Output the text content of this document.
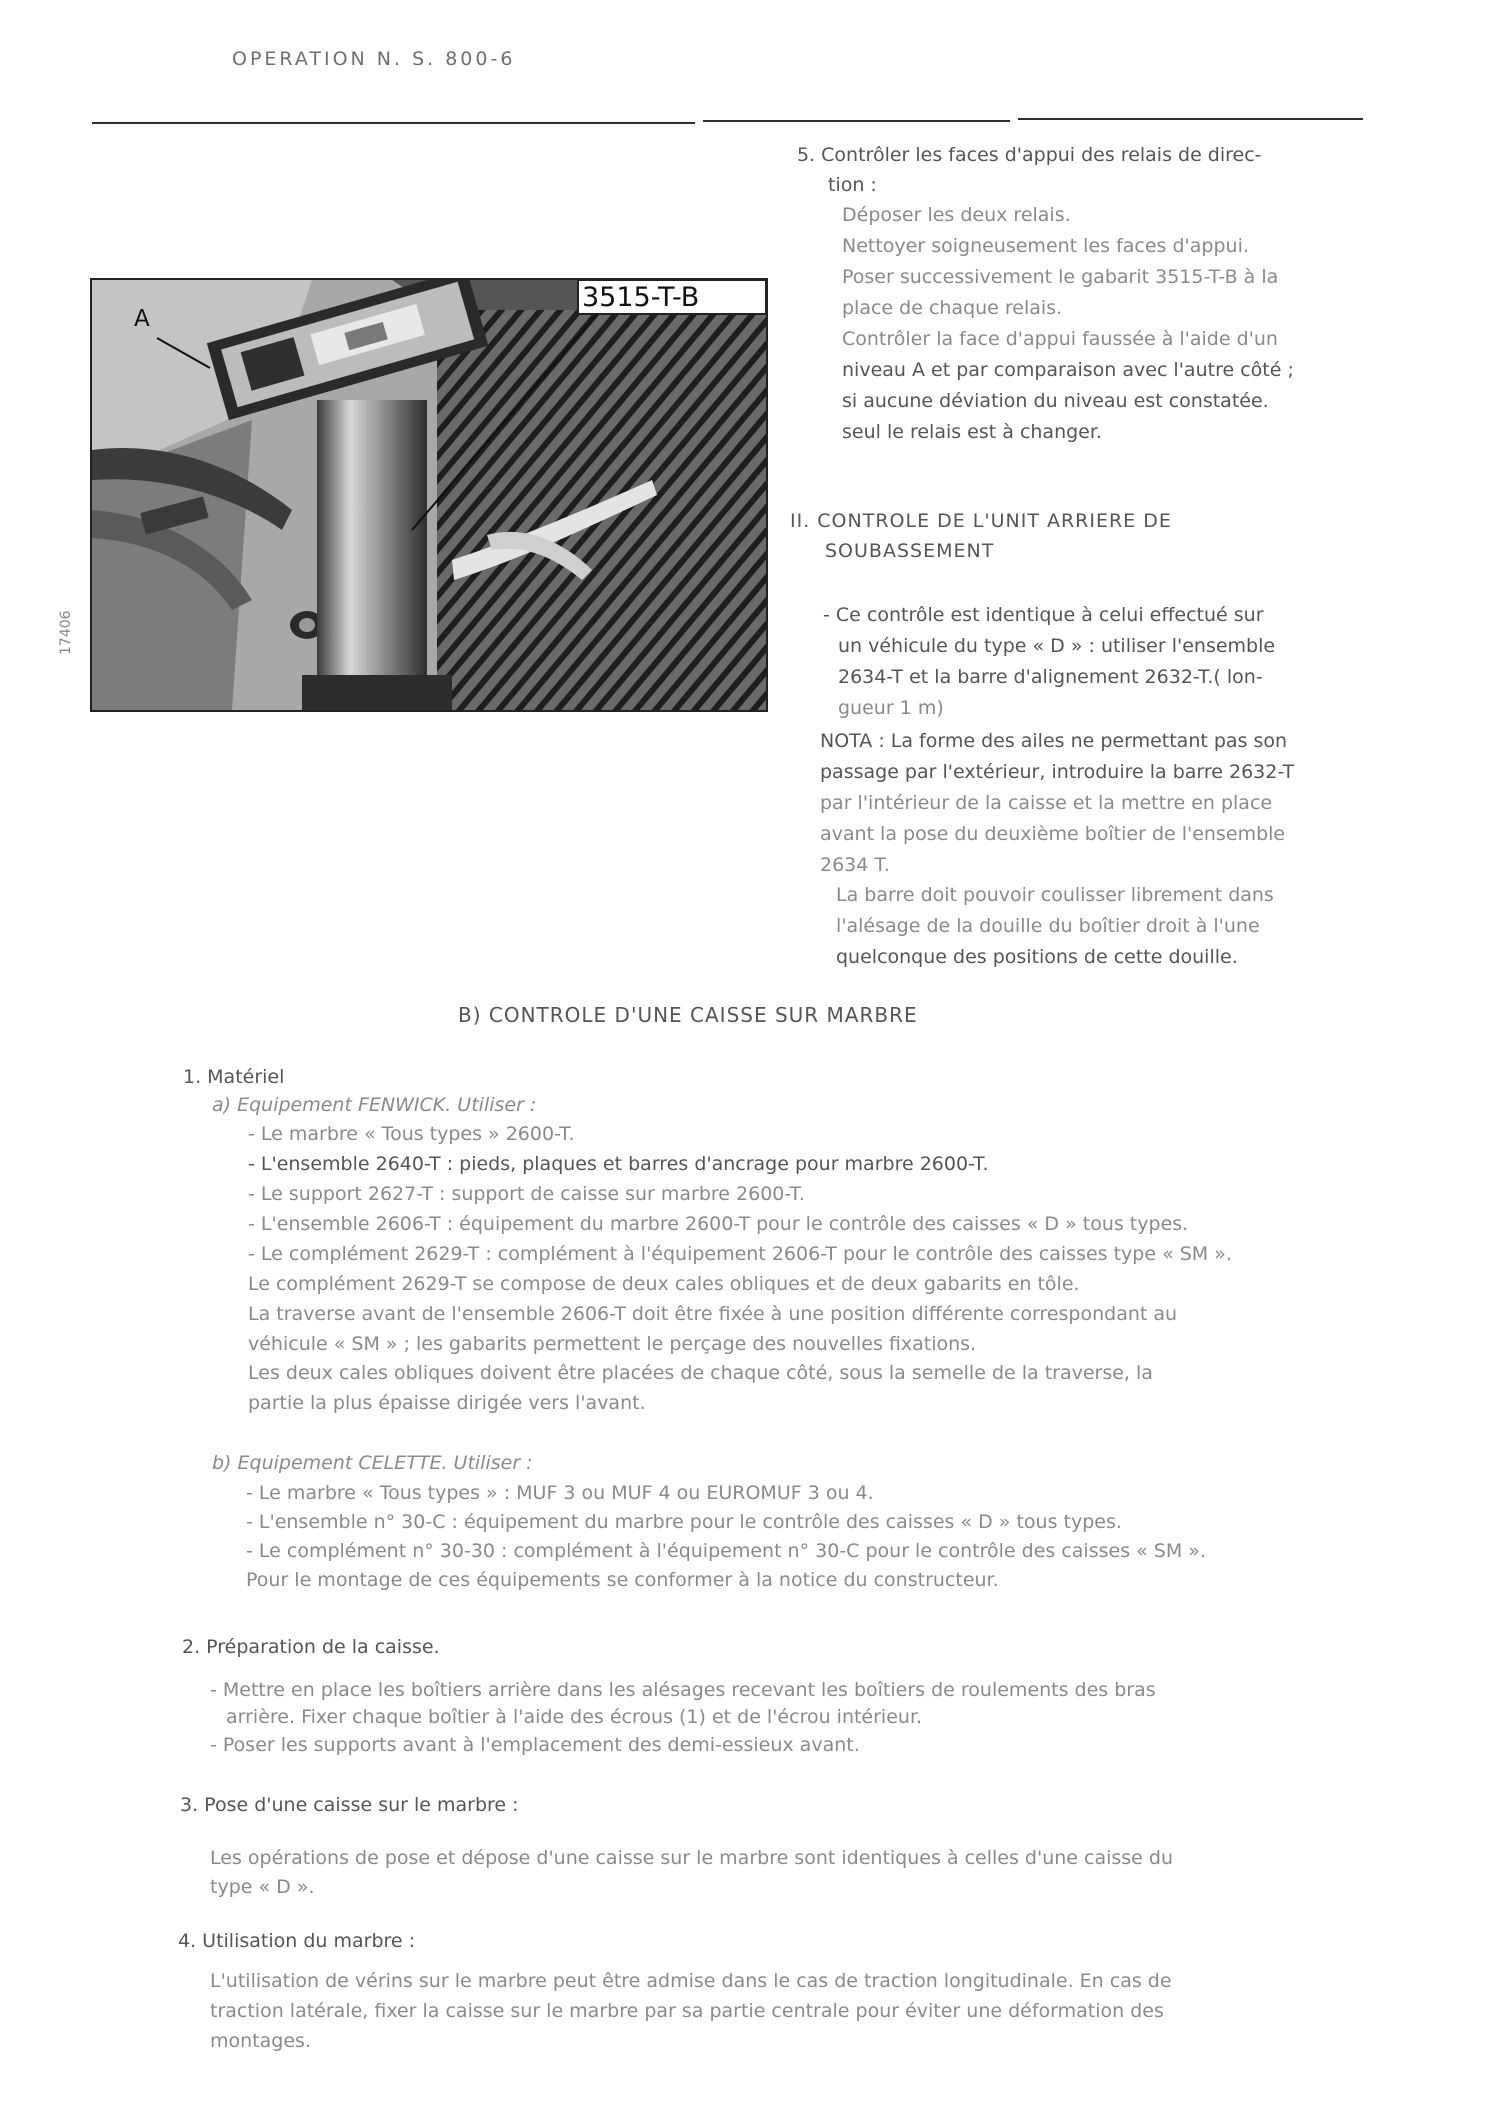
OPERATION N. S. 800-6
A
3515-T-B
17406
5. Contrôler les faces d'appui des relais de direc-
tion :
Déposer les deux relais.
Nettoyer soigneusement les faces d'appui.
Poser successivement le gabarit 3515-T-B à la
place de chaque relais.
Contrôler la face d'appui faussée à l'aide d'un
niveau A et par comparaison avec l'autre côté ;
si aucune déviation du niveau est constatée.
seul le relais est à changer.
II. CONTROLE DE L'UNIT ARRIERE DE
SOUBASSEMENT
- Ce contrôle est identique à celui effectué sur
un véhicule du type « D » : utiliser l'ensemble
2634-T et la barre d'alignement 2632-T.( lon-
gueur 1 m)
NOTA : La forme des ailes ne permettant pas son
passage par l'extérieur, introduire la barre 2632-T
par l'intérieur de la caisse et la mettre en place
avant la pose du deuxième boîtier de l'ensemble
2634 T.
La barre doit pouvoir coulisser librement dans
l'alésage de la douille du boîtier droit à l'une
quelconque des positions de cette douille.
B) CONTROLE D'UNE CAISSE SUR MARBRE
1. Matériel
a) Equipement FENWICK. Utiliser :
- Le marbre « Tous types » 2600-T.
- L'ensemble 2640-T : pieds, plaques et barres d'ancrage pour marbre 2600-T.
- Le support 2627-T : support de caisse sur marbre 2600-T.
- L'ensemble 2606-T : équipement du marbre 2600-T pour le contrôle des caisses « D » tous types.
- Le complément 2629-T : complément à l'équipement 2606-T pour le contrôle des caisses type « SM ».
Le complément 2629-T se compose de deux cales obliques et de deux gabarits en tôle.
La traverse avant de l'ensemble 2606-T doit être fixée à une position différente correspondant au
véhicule « SM » ; les gabarits permettent le perçage des nouvelles fixations.
Les deux cales obliques doivent être placées de chaque côté, sous la semelle de la traverse, la
partie la plus épaisse dirigée vers l'avant.
b) Equipement CELETTE. Utiliser :
- Le marbre « Tous types » : MUF 3 ou MUF 4 ou EUROMUF 3 ou 4.
- L'ensemble n° 30-C : équipement du marbre pour le contrôle des caisses « D » tous types.
- Le complément n° 30-30 : complément à l'équipement n° 30-C pour le contrôle des caisses « SM ».
Pour le montage de ces équipements se conformer à la notice du constructeur.
2. Préparation de la caisse.
- Mettre en place les boîtiers arrière dans les alésages recevant les boîtiers de roulements des bras
arrière. Fixer chaque boîtier à l'aide des écrous (1) et de l'écrou intérieur.
- Poser les supports avant à l'emplacement des demi-essieux avant.
3. Pose d'une caisse sur le marbre :
Les opérations de pose et dépose d'une caisse sur le marbre sont identiques à celles d'une caisse du
type « D ».
4. Utilisation du marbre :
L'utilisation de vérins sur le marbre peut être admise dans le cas de traction longitudinale. En cas de
traction latérale, fixer la caisse sur le marbre par sa partie centrale pour éviter une déformation des
montages.
